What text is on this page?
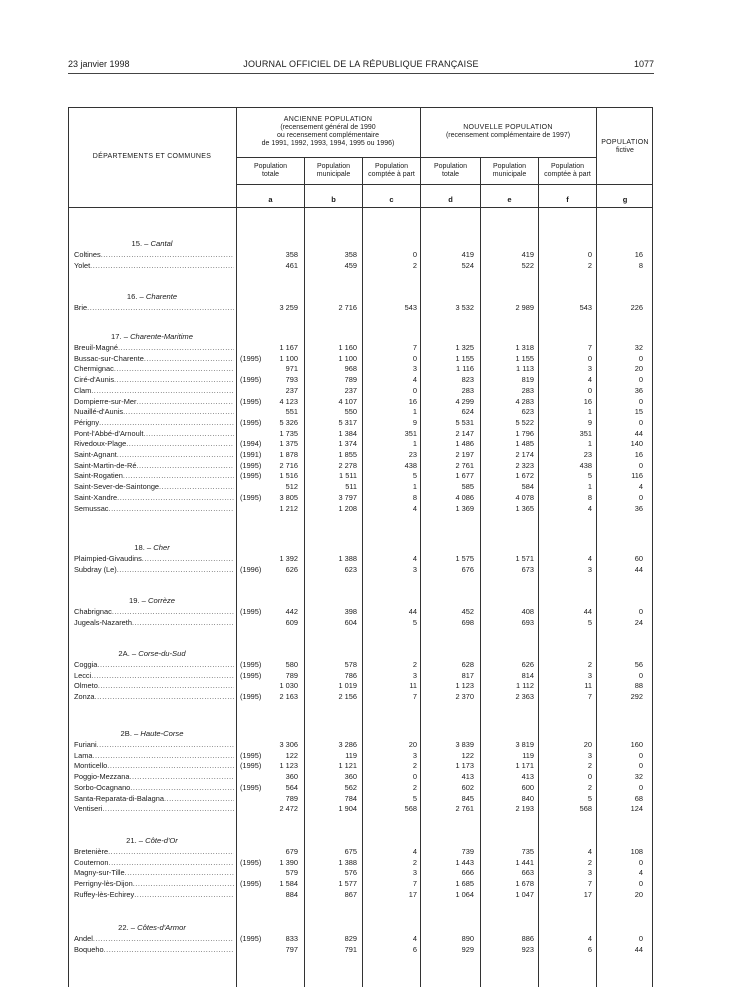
23 janvier 1998	JOURNAL OFFICIEL DE LA RÉPUBLIQUE FRANÇAISE	1077
DÉPARTEMENTS ET COMMUNES
ANCIENNE POPULATION
(recensement général de 1990
ou recensement complémentaire
de 1991, 1992, 1993, 1994, 1995 ou 1996)
NOUVELLE POPULATION
(recensement complémentaire de 1997)
POPULATION
fictive
Population
totale
Population
municipale
Population
comptée à part
Population
totale
Population
municipale
Population
comptée à part
a	b	c	d	e	f	g
15. – Cantal
Coltines .....	358	358	0	419	419	0	16
Yolet .....	461	459	2	524	522	2	8
16. – Charente
Brie .....	3 259	2 716	543	3 532	2 989	543	226
17. – Charente-Maritime
Breuil-Magné .....	1 167	1 160	7	1 325	1 318	7	32
Bussac-sur-Charente .....	(1995)	1 100	1 100	0	1 155	1 155	0	0
Chermignac .....	971	968	3	1 116	1 113	3	20
Ciré-d'Aunis .....	(1995)	793	789	4	823	819	4	0
Clam .....	237	237	0	283	283	0	36
Dompierre-sur-Mer .....	(1995)	4 123	4 107	16	4 299	4 283	16	0
Nuaillé-d'Aunis .....	551	550	1	624	623	1	15
Périgny .....	(1995)	5 326	5 317	9	5 531	5 522	9	0
Pont-l'Abbé-d'Arnoult .....	1 735	1 384	351	2 147	1 796	351	44
Rivedoux-Plage .....	(1994)	1 375	1 374	1	1 486	1 485	1	140
Saint-Agnant .....	(1991)	1 878	1 855	23	2 197	2 174	23	16
Saint-Martin-de-Ré .....	(1995)	2 716	2 278	438	2 761	2 323	438	0
Saint-Rogatien .....	(1995)	1 516	1 511	5	1 677	1 672	5	116
Saint-Sever-de-Saintonge .....	512	511	1	585	584	1	4
Saint-Xandre .....	(1995)	3 805	3 797	8	4 086	4 078	8	0
Semussac .....	1 212	1 208	4	1 369	1 365	4	36
18. – Cher
Plaimpied-Givaudins .....	1 392	1 388	4	1 575	1 571	4	60
Subdray (Le) .....	(1996)	626	623	3	676	673	3	44
19. – Corrèze
Chabrignac .....	(1995)	442	398	44	452	408	44	0
Jugeals-Nazareth .....	609	604	5	698	693	5	24
2A. – Corse-du-Sud
Coggia .....	(1995)	580	578	2	628	626	2	56
Lecci .....	(1995)	789	786	3	817	814	3	0
Olmeto .....	1 030	1 019	11	1 123	1 112	11	88
Zonza .....	(1995)	2 163	2 156	7	2 370	2 363	7	292
2B. – Haute-Corse
Furiani .....	3 306	3 286	20	3 839	3 819	20	160
Lama .....	(1995)	122	119	3	122	119	3	0
Monticello .....	(1995)	1 123	1 121	2	1 173	1 171	2	0
Poggio-Mezzana .....	360	360	0	413	413	0	32
Sorbo-Ocagnano .....	(1995)	564	562	2	602	600	2	0
Santa-Reparata-di-Balagna .....	789	784	5	845	840	5	68
Ventiseri .....	2 472	1 904	568	2 761	2 193	568	124
21. – Côte-d'Or
Bretenière .....	679	675	4	739	735	4	108
Couternon .....	(1995)	1 390	1 388	2	1 443	1 441	2	0
Magny-sur-Tille .....	579	576	3	666	663	3	4
Perrigny-lès-Dijon .....	(1995)	1 584	1 577	7	1 685	1 678	7	0
Ruffey-lès-Echirey .....	884	867	17	1 064	1 047	17	20
22. – Côtes-d'Armor
Andel .....	(1995)	833	829	4	890	886	4	0
Boqueho .....	797	791	6	929	923	6	44
